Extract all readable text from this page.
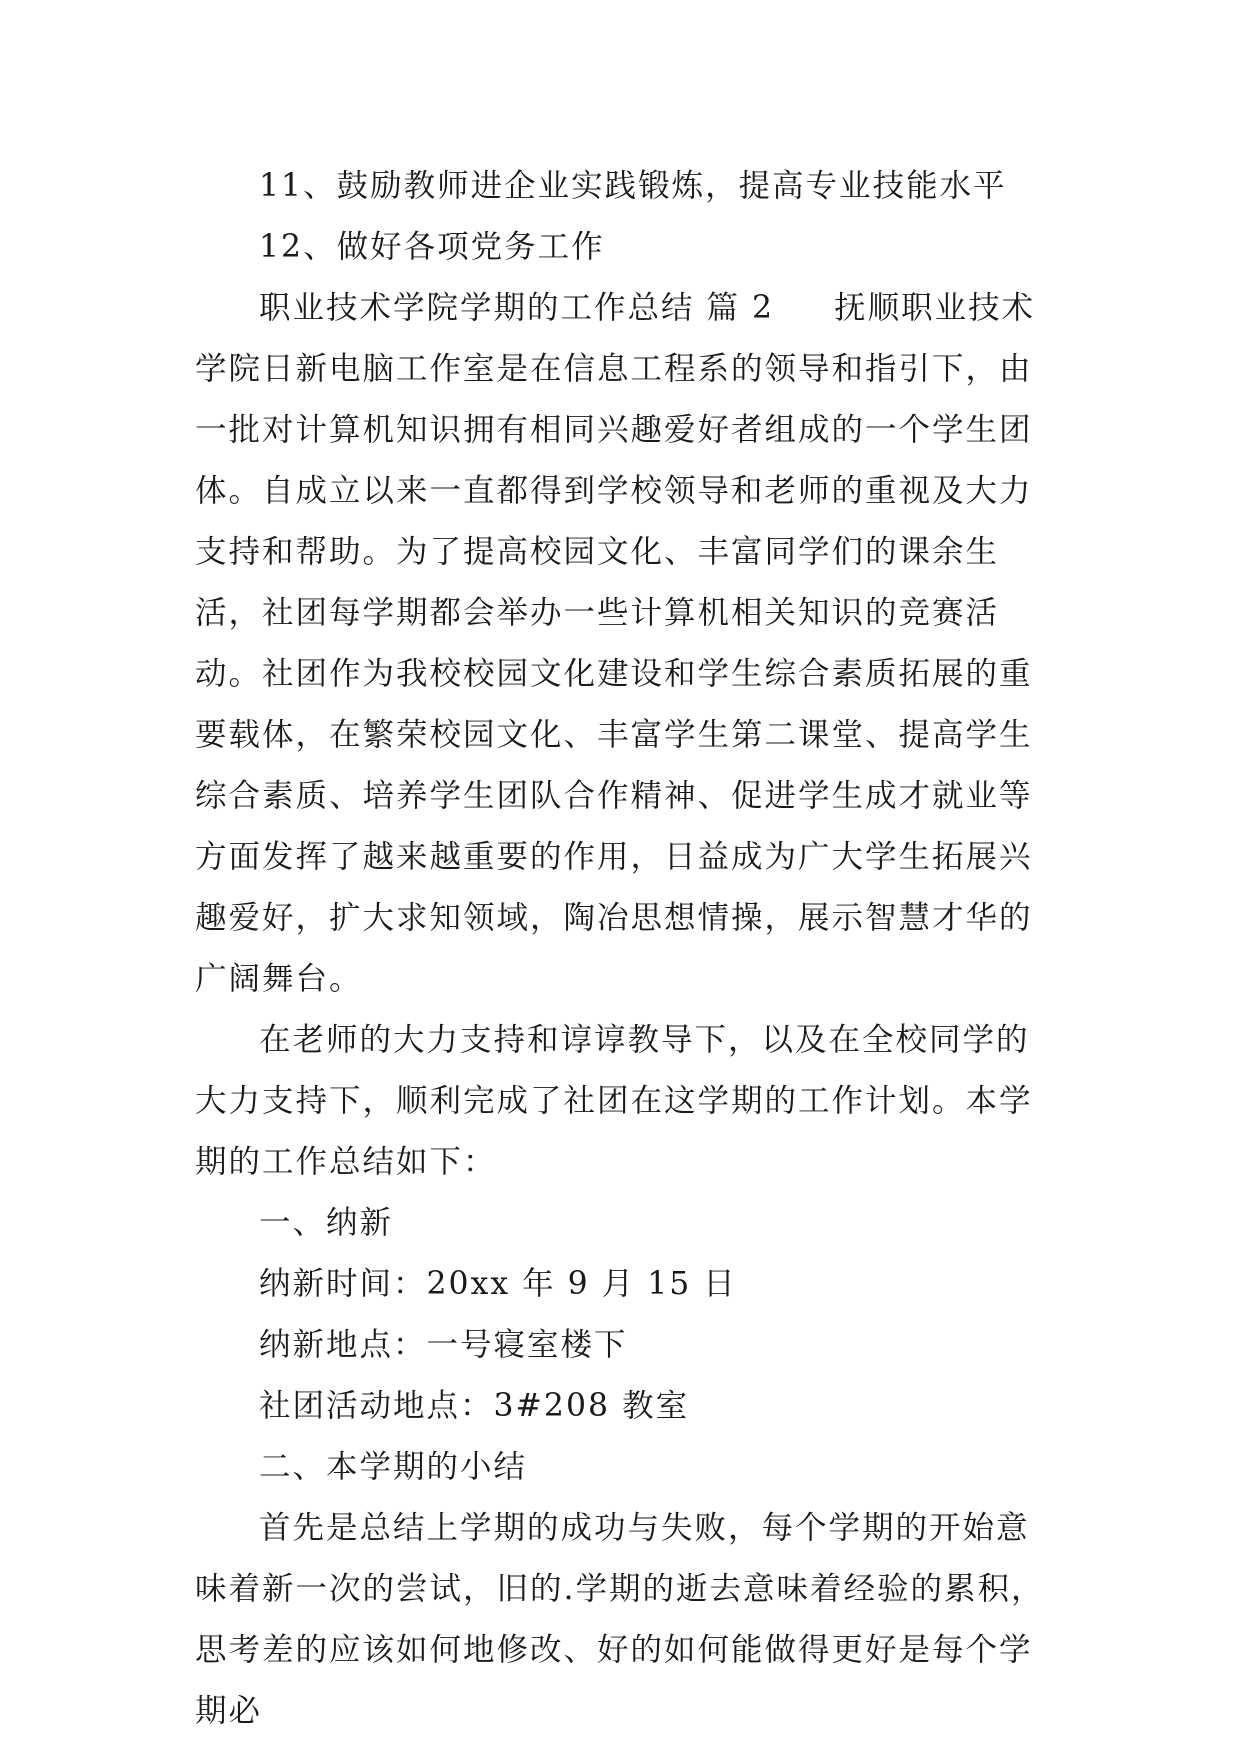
11、鼓励教师进企业实践锻炼，提高专业技能水平

12、做好各项党务工作

职业技术学院学期的工作总结 篇 2 抚顺职业技术学院日新电脑工作室是在信息工程系的领导和指引下，由一批对计算机知识拥有相同兴趣爱好者组成的一个学生团体。自成立以来一直都得到学校领导和老师的重视及大力支持和帮助。为了提高校园文化、丰富同学们的课余生活，社团每学期都会举办一些计算机相关知识的竞赛活动。社团作为我校校园文化建设和学生综合素质拓展的重要载体，在繁荣校园文化、丰富学生第二课堂、提高学生综合素质、培养学生团队合作精神、促进学生成才就业等方面发挥了越来越重要的作用，日益成为广大学生拓展兴趣爱好，扩大求知领域，陶冶思想情操，展示智慧才华的广阔舞台。

在老师的大力支持和谆谆教导下，以及在全校同学的大力支持下，顺利完成了社团在这学期的工作计划。本学期的工作总结如下：

一、纳新

纳新时间：20xx 年 9 月 15 日

纳新地点：一号寝室楼下

社团活动地点：3#208 教室

二、本学期的小结

首先是总结上学期的成功与失败，每个学期的开始意味着新一次的尝试，旧的.学期的逝去意味着经验的累积，思考差的应该如何地修改、好的如何能做得更好是每个学期必
